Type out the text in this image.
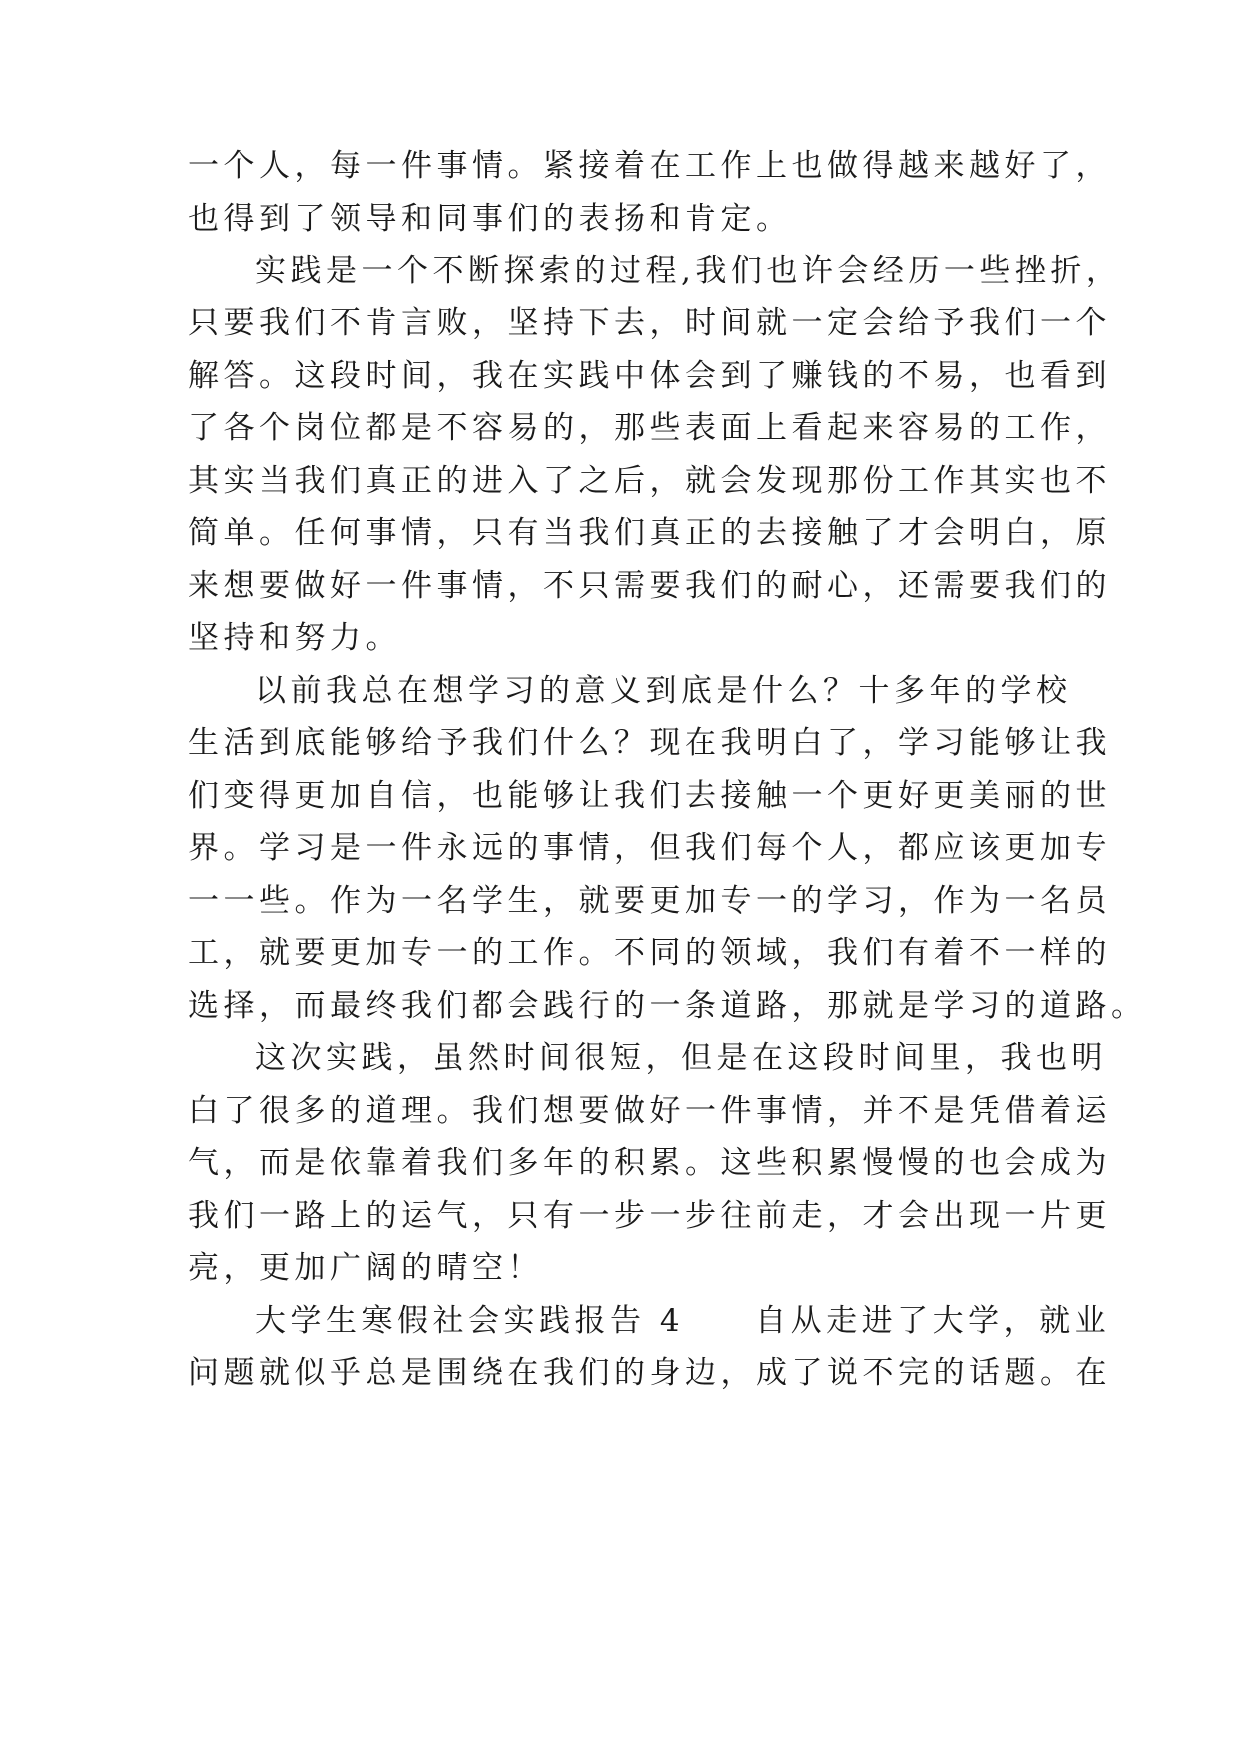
一个人，每一件事情。紧接着在工作上也做得越来越好了，
也得到了领导和同事们的表扬和肯定。
实践是一个不断探索的过程,我们也许会经历一些挫折，
只要我们不肯言败，坚持下去，时间就一定会给予我们一个
解答。这段时间，我在实践中体会到了赚钱的不易，也看到
了各个岗位都是不容易的，那些表面上看起来容易的工作，
其实当我们真正的进入了之后，就会发现那份工作其实也不
简单。任何事情，只有当我们真正的去接触了才会明白，原
来想要做好一件事情，不只需要我们的耐心，还需要我们的
坚持和努力。
以前我总在想学习的意义到底是什么？十多年的学校
生活到底能够给予我们什么？现在我明白了，学习能够让我
们变得更加自信，也能够让我们去接触一个更好更美丽的世
界。学习是一件永远的事情，但我们每个人，都应该更加专
一一些。作为一名学生，就要更加专一的学习，作为一名员
工，就要更加专一的工作。不同的领域，我们有着不一样的
选择，而最终我们都会践行的一条道路，那就是学习的道路。
这次实践，虽然时间很短，但是在这段时间里，我也明
白了很多的道理。我们想要做好一件事情，并不是凭借着运
气，而是依靠着我们多年的积累。这些积累慢慢的也会成为
我们一路上的运气，只有一步一步往前走，才会出现一片更
亮，更加广阔的晴空！
大学生寒假社会实践报告 4　　自从走进了大学，就业
问题就似乎总是围绕在我们的身边，成了说不完的话题。在
